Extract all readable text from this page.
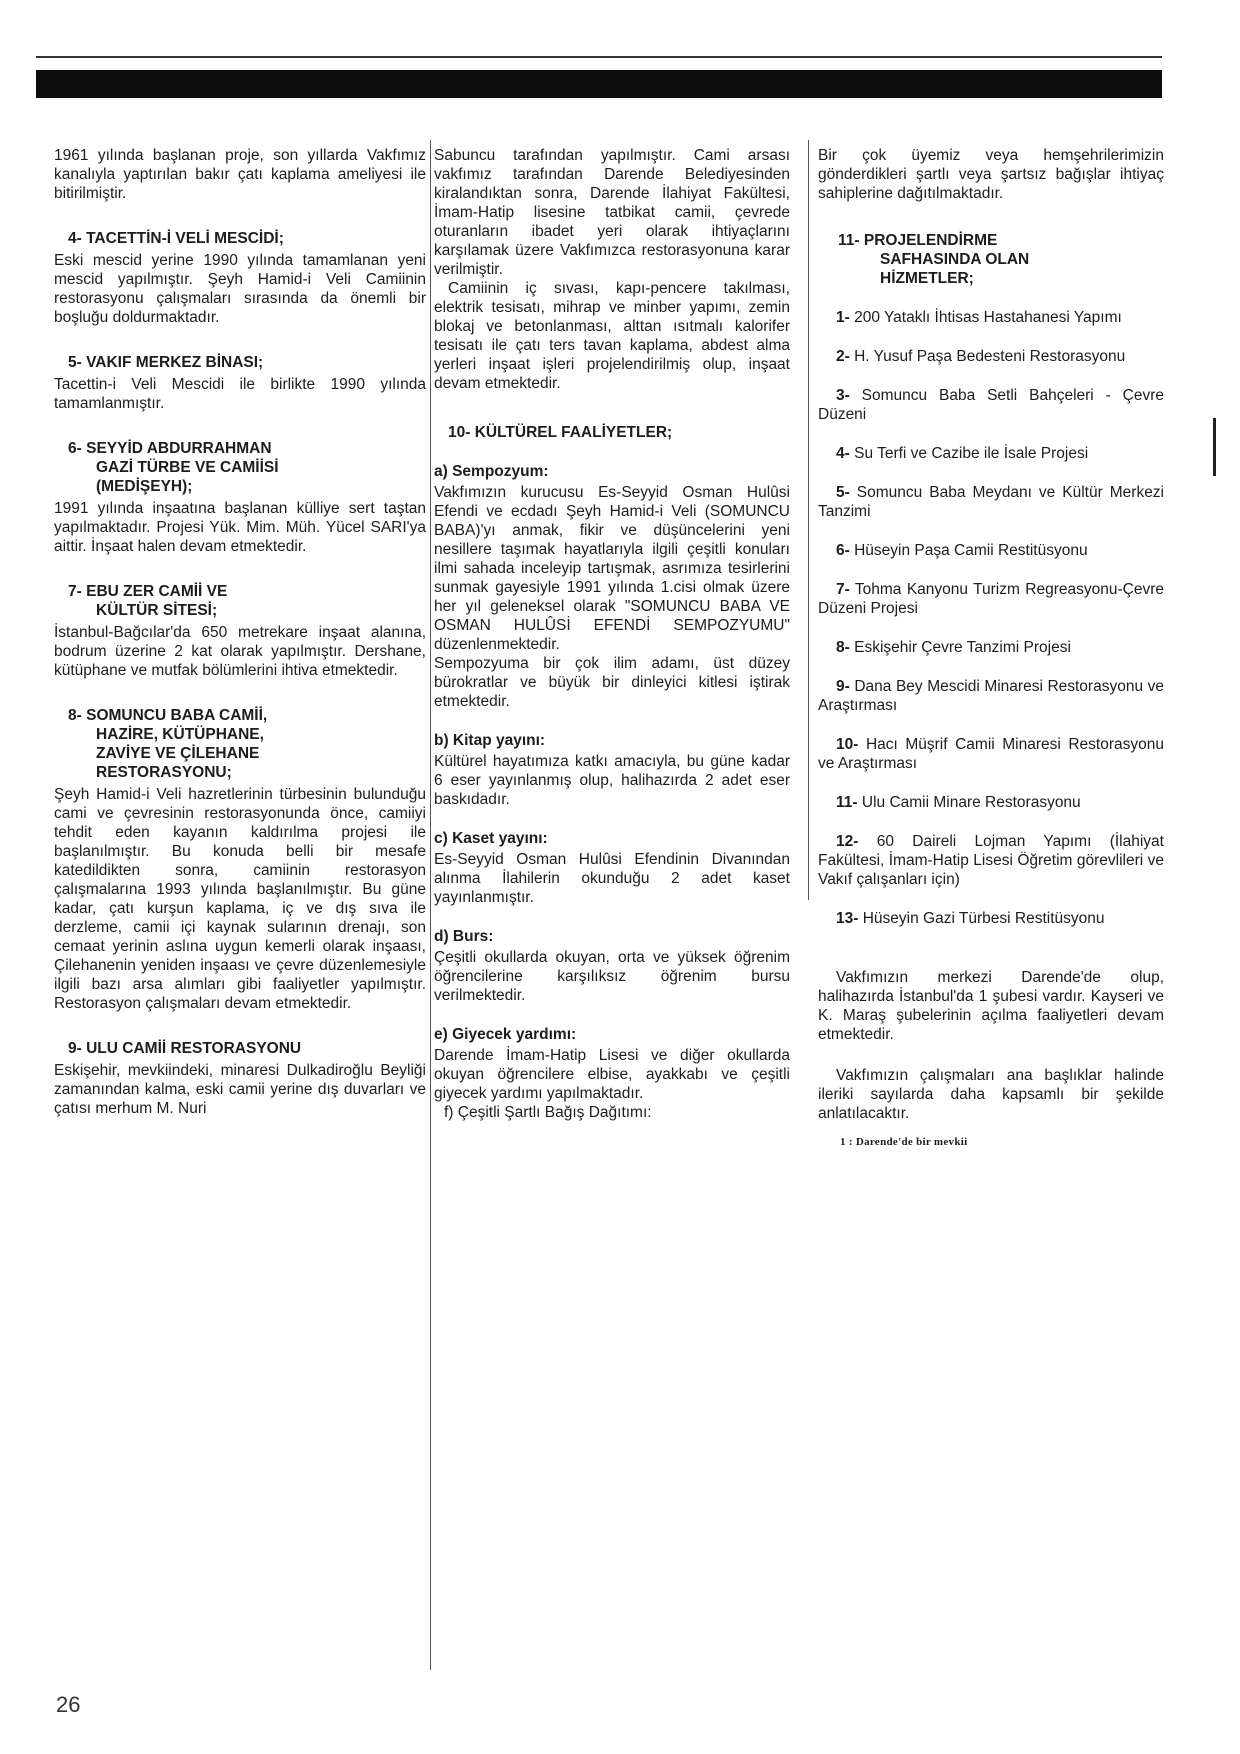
1961 yılında başlanan proje, son yıllarda Vakfımız kanalıyla yaptırılan bakır çatı kaplama ameliyesi ile bitirilmiştir.

4- TACETTİN-İ VELİ MESCİDİ;

Eski mescid yerine 1990 yılında tamamlanan yeni mescid yapılmıştır. Şeyh Hamid-i Veli Camiinin restorasyonu çalışmaları sırasında da önemli bir boşluğu doldurmaktadır.

5- VAKIF MERKEZ BİNASI;

Tacettin-i Veli Mescidi ile birlikte 1990 yılında tamamlanmıştır.

6- SEYYİD ABDURRAHMAN
GAZİ TÜRBE VE CAMİİSİ
(MEDİŞEYH);

1991 yılında inşaatına başlanan külliye sert taştan yapılmaktadır. Projesi Yük. Mim. Müh. Yücel SARI'ya aittir. İnşaat halen devam etmektedir.

7- EBU ZER CAMİİ VE
KÜLTÜR SİTESİ;

İstanbul-Bağcılar'da 650 metrekare inşaat alanına, bodrum üzerine 2 kat olarak yapılmıştır. Dershane, kütüphane ve mutfak bölümlerini ihtiva etmektedir.

8- SOMUNCU BABA CAMİİ,
HAZİRE, KÜTÜPHANE,
ZAVİYE VE ÇİLEHANE
RESTORASYONU;

Şeyh Hamid-i Veli hazretlerinin türbesinin bulunduğu cami ve çevresinin restorasyonunda önce, camiiyi tehdit eden kayanın kaldırılma projesi ile başlanılmıştır. Bu konuda belli bir mesafe katedildikten sonra, camiinin restorasyon çalışmalarına 1993 yılında başlanılmıştır. Bu güne kadar, çatı kurşun kaplama, iç ve dış sıva ile derzleme, camii içi kaynak sularının drenajı, son cemaat yerinin aslına uygun kemerli olarak inşaası, Çilehanenin yeniden inşaası ve çevre düzenlemesiyle ilgili bazı arsa alımları gibi faaliyetler yapılmıştır. Restorasyon çalışmaları devam etmektedir.

9- ULU CAMİİ RESTORASYONU

Eskişehir, mevkiindeki, minaresi Dulkadiroğlu Beyliği zamanından kalma, eski camii yerine dış duvarları ve çatısı merhum M. Nuri

Sabuncu tarafından yapılmıştır. Cami arsası vakfımız tarafından Darende Belediyesinden kiralandıktan sonra, Darende İlahiyat Fakültesi, İmam-Hatip lisesine tatbikat camii, çevrede oturanların ibadet yeri olarak ihtiyaçlarını karşılamak üzere Vakfımızca restorasyonuna karar verilmiştir.

Camiinin iç sıvası, kapı-pencere takılması, elektrik tesisatı, mihrap ve minber yapımı, zemin blokaj ve betonlanması, alttan ısıtmalı kalorifer tesisatı ile çatı ters tavan kaplama, abdest alma yerleri inşaat işleri projelendirilmiş olup, inşaat devam etmektedir.

10- KÜLTÜREL FAALİYETLER;
a) Sempozyum:

Vakfımızın kurucusu Es-Seyyid Osman Hulûsi Efendi ve ecdadı Şeyh Hamid-i Veli (SOMUNCU BABA)'yı anmak, fikir ve düşüncelerini yeni nesillere taşımak hayatlarıyla ilgili çeşitli konuları ilmi sahada inceleyip tartışmak, asrımıza tesirlerini sunmak gayesiyle 1991 yılında 1.cisi olmak üzere her yıl geleneksel olarak "SOMUNCU BABA VE OSMAN HULÛSİ EFENDİ SEMPOZYUMU" düzenlenmektedir.

Sempozyuma bir çok ilim adamı, üst düzey bürokratlar ve büyük bir dinleyici kitlesi iştirak etmektedir.

b) Kitap yayını:

Kültürel hayatımıza katkı amacıyla, bu güne kadar 6 eser yayınlanmış olup, halihazırda 2 adet eser baskıdadır.

c) Kaset yayını:

Es-Seyyid Osman Hulûsi Efendinin Divanından alınma İlahilerin okunduğu 2 adet kaset yayınlanmıştır.

d) Burs:

Çeşitli okullarda okuyan, orta ve yüksek öğrenim öğrencilerine karşılıksız öğrenim bursu verilmektedir.

e) Giyecek yardımı:

Darende İmam-Hatip Lisesi ve diğer okullarda okuyan öğrencilere elbise, ayakkabı ve çeşitli giyecek yardımı yapılmaktadır.

f) Çeşitli Şartlı Bağış Dağıtımı:

Bir çok üyemiz veya hemşehrilerimizin gönderdikleri şartlı veya şartsız bağışlar ihtiyaç sahiplerine dağıtılmaktadır.

11- PROJELENDİRME
SAFHASINDA OLAN
HİZMETLER;

1- 200 Yataklı İhtisas Hastahanesi Yapımı

2- H. Yusuf Paşa Bedesteni Restorasyonu

3- Somuncu Baba Setli Bahçeleri - Çevre Düzeni

4- Su Terfi ve Cazibe ile İsale Projesi

5- Somuncu Baba Meydanı ve Kültür Merkezi Tanzimi

6- Hüseyin Paşa Camii Restitüsyonu

7- Tohma Kanyonu Turizm Regreasyonu-Çevre Düzeni Projesi

8- Eskişehir Çevre Tanzimi Projesi

9- Dana Bey Mescidi Minaresi Restorasyonu ve Araştırması

10- Hacı Müşrif Camii Minaresi Restorasyonu ve Araştırması

11- Ulu Camii Minare Restorasyonu

12- 60 Daireli Lojman Yapımı (İlahiyat Fakültesi, İmam-Hatip Lisesi Öğretim görevlileri ve Vakıf çalışanları için)

13- Hüseyin Gazi Türbesi Restitüsyonu

Vakfımızın merkezi Darende'de olup, halihazırda İstanbul'da 1 şubesi vardır. Kayseri ve K. Maraş şubelerinin açılma faaliyetleri devam etmektedir.

Vakfımızın çalışmaları ana başlıklar halinde ileriki sayılarda daha kapsamlı bir şekilde anlatılacaktır.

1 : Darende'de bir mevkii
26
